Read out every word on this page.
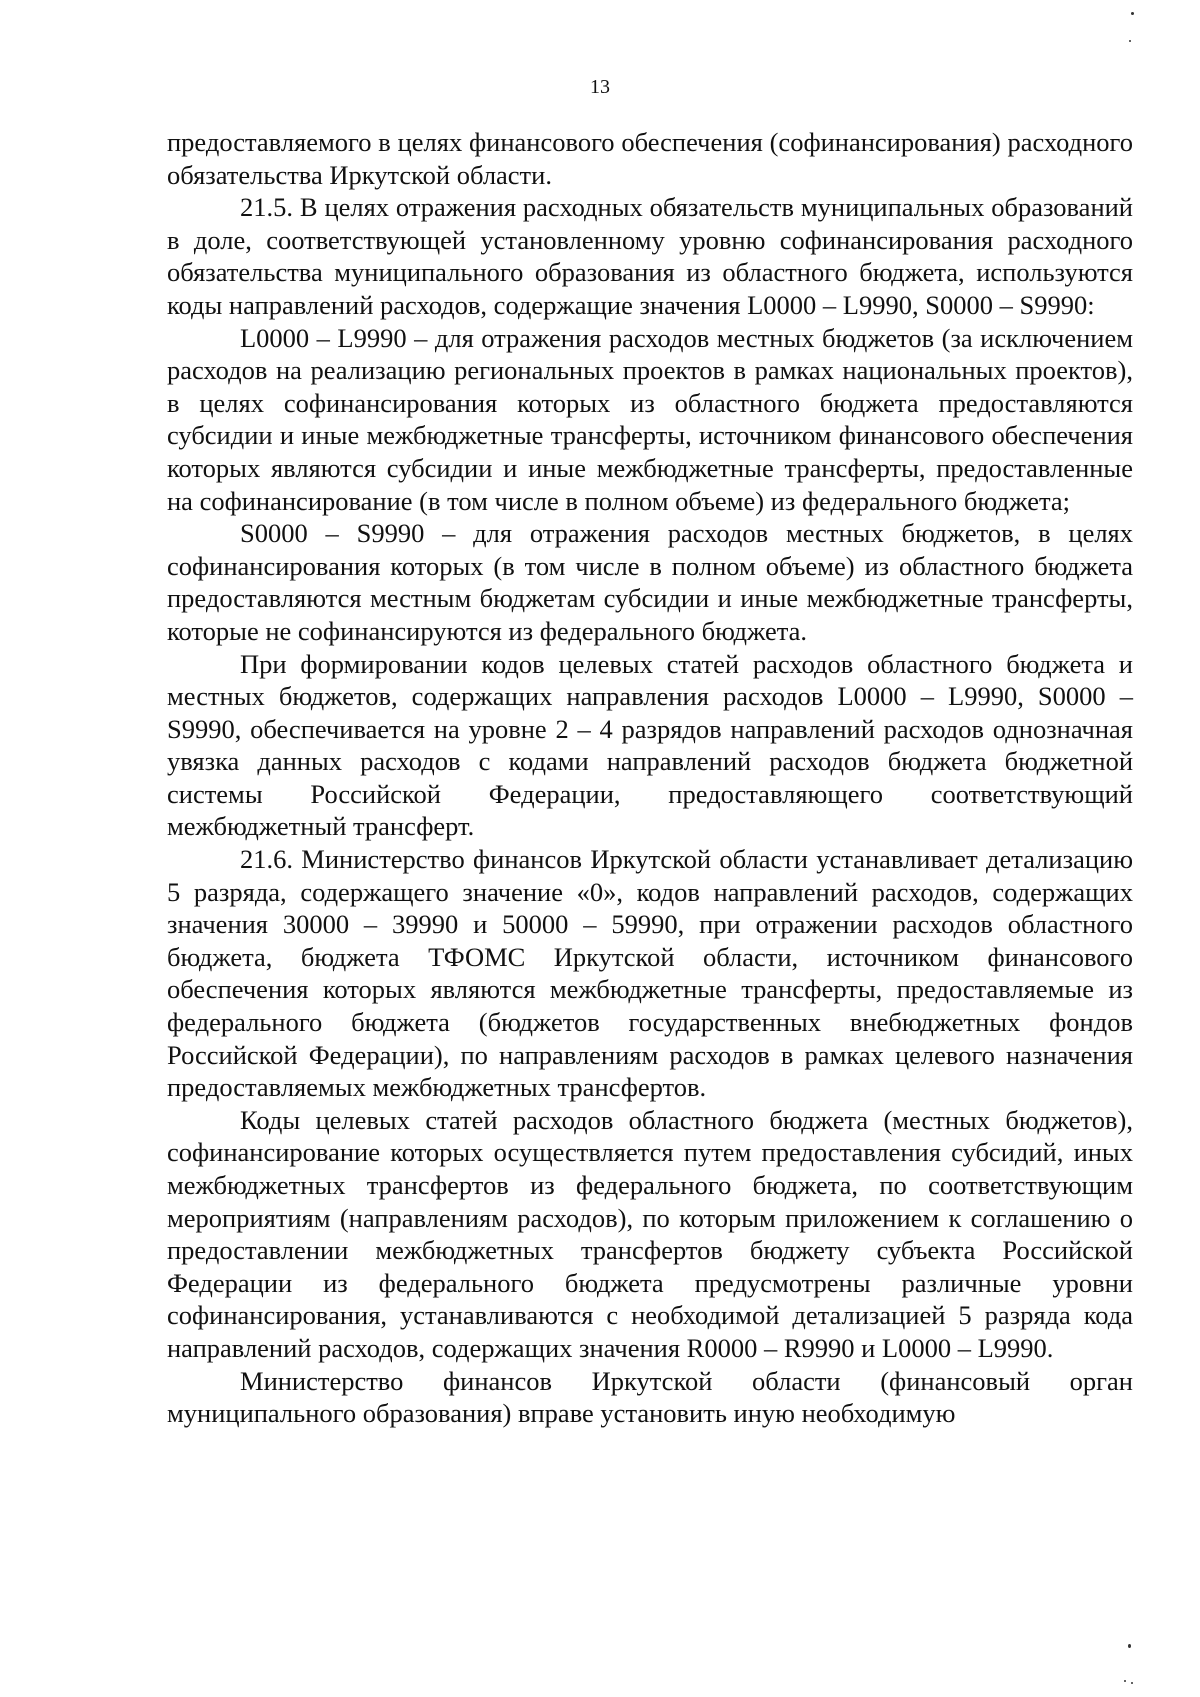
13

предоставляемого в целях финансового обеспечения (софинансирования) расходного обязательства Иркутской области.

21.5. В целях отражения расходных обязательств муниципальных образований в доле, соответствующей установленному уровню софинансирования расходного обязательства муниципального образования из областного бюджета, используются коды направлений расходов, содержащие значения L0000 – L9990, S0000 – S9990:

L0000 – L9990 – для отражения расходов местных бюджетов (за исключением расходов на реализацию региональных проектов в рамках национальных проектов), в целях софинансирования которых из областного бюджета предоставляются субсидии и иные межбюджетные трансферты, источником финансового обеспечения которых являются субсидии и иные межбюджетные трансферты, предоставленные на софинансирование (в том числе в полном объеме) из федерального бюджета;

S0000 – S9990 – для отражения расходов местных бюджетов, в целях софинансирования которых (в том числе в полном объеме) из областного бюджета предоставляются местным бюджетам субсидии и иные межбюджетные трансферты, которые не софинансируются из федерального бюджета.

При формировании кодов целевых статей расходов областного бюджета и местных бюджетов, содержащих направления расходов L0000 – L9990, S0000 – S9990, обеспечивается на уровне 2 – 4 разрядов направлений расходов однозначная увязка данных расходов с кодами направлений расходов бюджета бюджетной системы Российской Федерации, предоставляющего соответствующий межбюджетный трансферт.

21.6. Министерство финансов Иркутской области устанавливает детализацию 5 разряда, содержащего значение «0», кодов направлений расходов, содержащих значения 30000 – 39990 и 50000 – 59990, при отражении расходов областного бюджета, бюджета ТФОМС Иркутской области, источником финансового обеспечения которых являются межбюджетные трансферты, предоставляемые из федерального бюджета (бюджетов государственных внебюджетных фондов Российской Федерации), по направлениям расходов в рамках целевого назначения предоставляемых межбюджетных трансфертов.

Коды целевых статей расходов областного бюджета (местных бюджетов), софинансирование которых осуществляется путем предоставления субсидий, иных межбюджетных трансфертов из федерального бюджета, по соответствующим мероприятиям (направлениям расходов), по которым приложением к соглашению о предоставлении межбюджетных трансфертов бюджету субъекта Российской Федерации из федерального бюджета предусмотрены различные уровни софинансирования, устанавливаются с необходимой детализацией 5 разряда кода направлений расходов, содержащих значения R0000 – R9990 и L0000 – L9990.

Министерство финансов Иркутской области (финансовый орган муниципального образования) вправе установить иную необходимую
